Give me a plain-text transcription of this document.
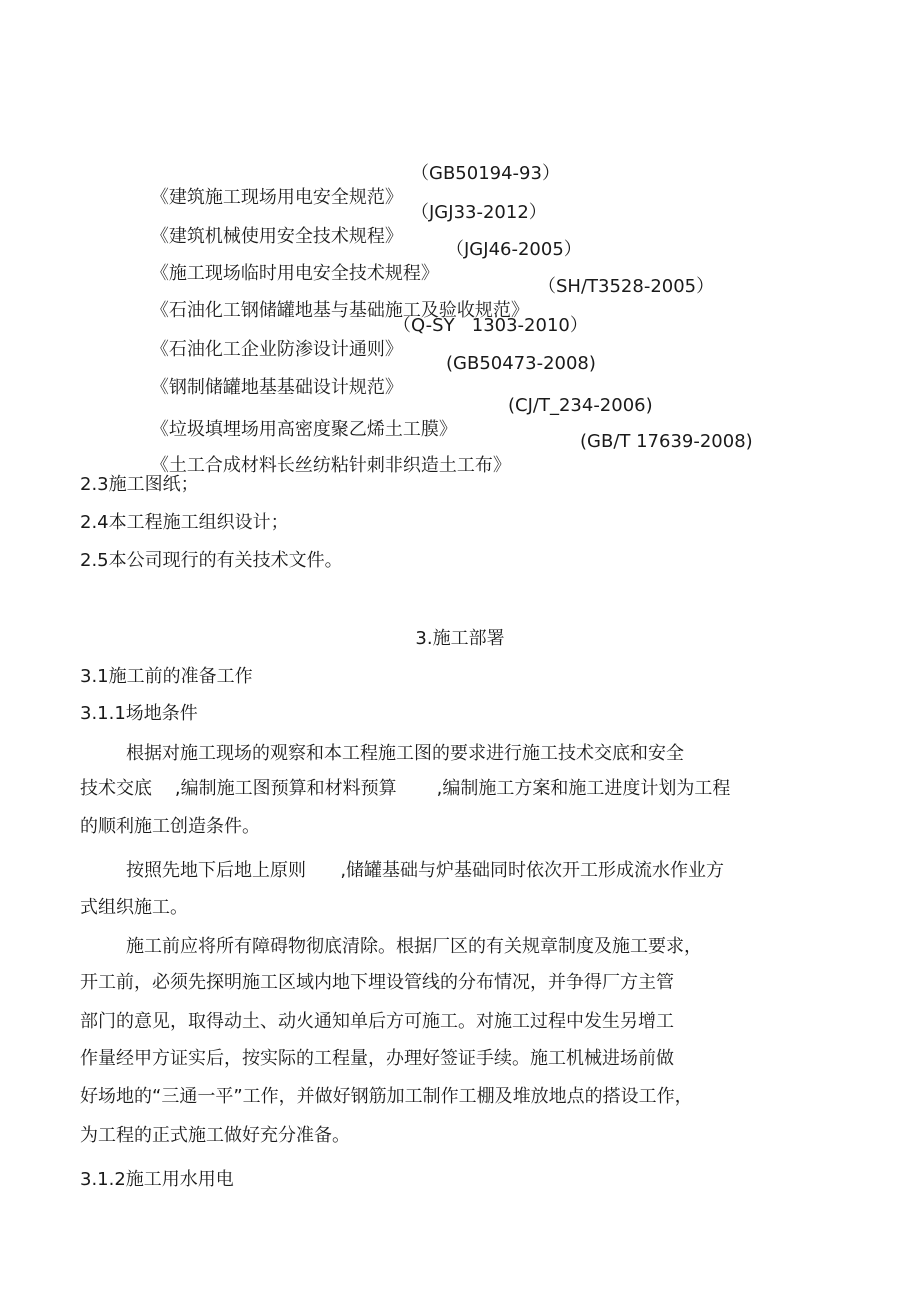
《建筑施工现场用电安全规范》
（GB50194-93）

《建筑机械使用安全技术规程》
（JGJ33-2012）

《施工现场临时用电安全技术规程》
（JGJ46-2005）

《石油化工钢储罐地基与基础施工及验收规范》
（SH/T3528-2005）

《石油化工企业防渗设计通则》
（Q-SY   1303-2010）

《钢制储罐地基基础设计规范》
(GB50473-2008)

《垃圾填埋场用高密度聚乙烯土工膜》
(CJ/T_234-2006)

《土工合成材料长丝纺粘针刺非织造土工布》
(GB/T 17639-2008)

2.3施工图纸；
2.4本工程施工组织设计；
2.5本公司现行的有关技术文件。
3.施工部署
3.1施工前的准备工作
3.1.1场地条件
根据对施工现场的观察和本工程施工图的要求进行施工技术交底和安全
技术交底    ,编制施工图预算和材料预算       ,编制施工方案和施工进度计划为工程
的顺利施工创造条件。
按照先地下后地上原则      ,储罐基础与炉基础同时依次开工形成流水作业方
式组织施工。
施工前应将所有障碍物彻底清除。根据厂区的有关规章制度及施工要求，
开工前，必须先探明施工区域内地下埋设管线的分布情况，并争得厂方主管
部门的意见，取得动土、动火通知单后方可施工。对施工过程中发生另增工
作量经甲方证实后，按实际的工程量，办理好签证手续。施工机械进场前做
好场地的“三通一平”工作，并做好钢筋加工制作工棚及堆放地点的搭设工作，
为工程的正式施工做好充分准备。
3.1.2施工用水用电
